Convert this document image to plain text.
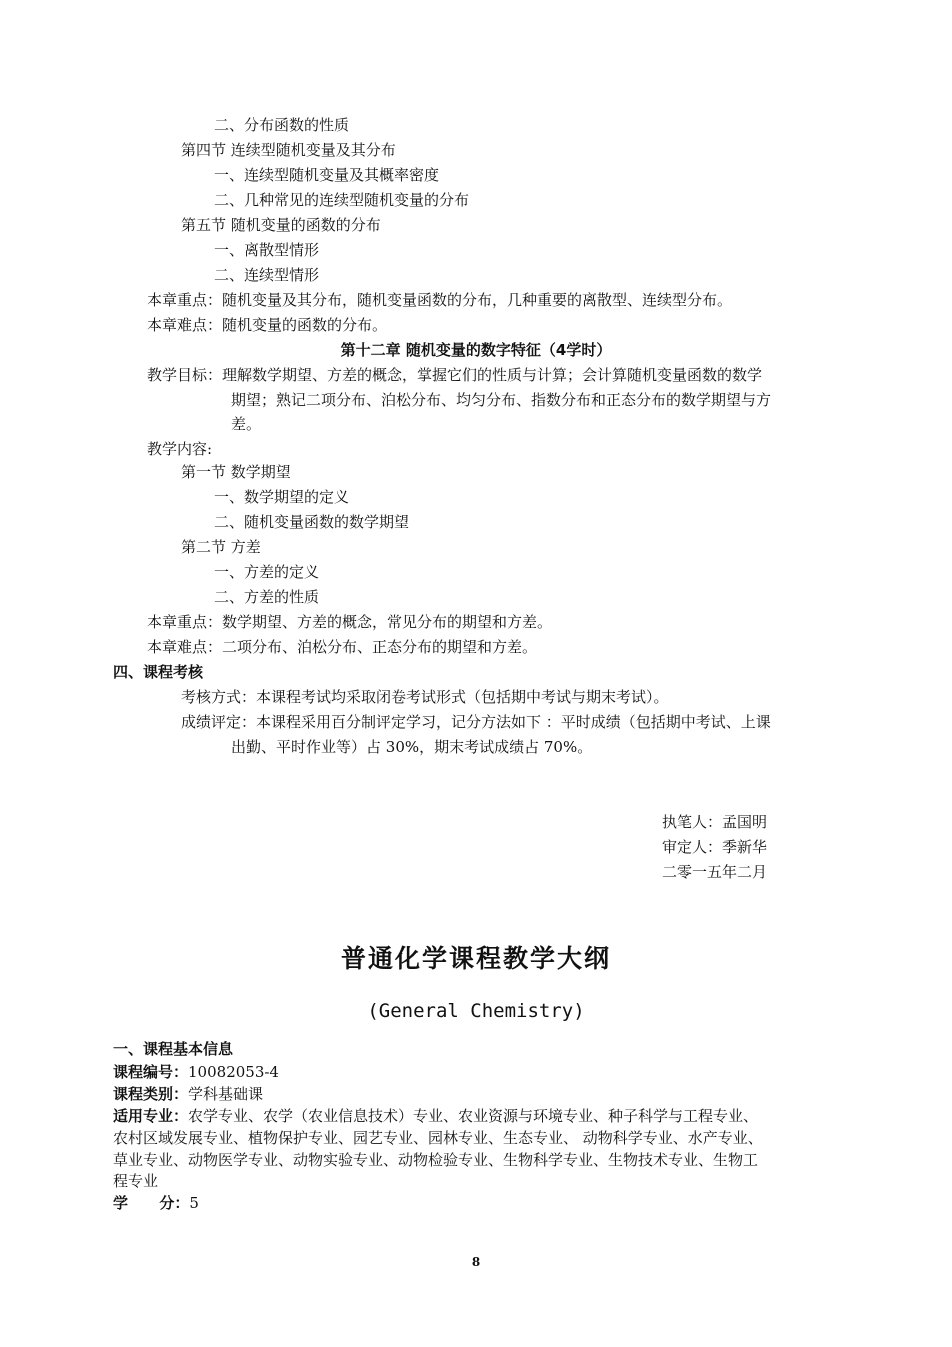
二、分布函数的性质
第四节 连续型随机变量及其分布
一、连续型随机变量及其概率密度
二、几种常见的连续型随机变量的分布
第五节 随机变量的函数的分布
一、离散型情形
二、连续型情形
本章重点：随机变量及其分布，随机变量函数的分布，几种重要的离散型、连续型分布。
本章难点：随机变量的函数的分布。
第十二章 随机变量的数字特征（4学时）
教学目标：理解数学期望、方差的概念，掌握它们的性质与计算；会计算随机变量函数的数学
期望；熟记二项分布、泊松分布、均匀分布、指数分布和正态分布的数学期望与方
差。
教学内容:
第一节 数学期望
一、数学期望的定义
二、随机变量函数的数学期望
第二节 方差
一、方差的定义
二、方差的性质
本章重点：数学期望、方差的概念，常见分布的期望和方差。
本章难点：二项分布、泊松分布、正态分布的期望和方差。
四、课程考核
考核方式：本课程考试均采取闭卷考试形式（包括期中考试与期末考试）。
成绩评定：本课程采用百分制评定学习，记分方法如下 ：平时成绩（包括期中考试、上课
出勤、平时作业等）占 30%，期末考试成绩占 70%。
执笔人：孟国明
审定人：季新华
二零一五年二月
普通化学课程教学大纲
(General Chemistry)
一、课程基本信息
课程编号：10082053-4
课程类别：学科基础课
适用专业：农学专业、农学（农业信息技术）专业、农业资源与环境专业、种子科学与工程专业、
农村区域发展专业、植物保护专业、园艺专业、园林专业、生态专业、 动物科学专业、水产专业、
草业专业、动物医学专业、动物实验专业、动物检验专业、生物科学专业、生物技术专业、生物工
程专业
学      分：5
8
